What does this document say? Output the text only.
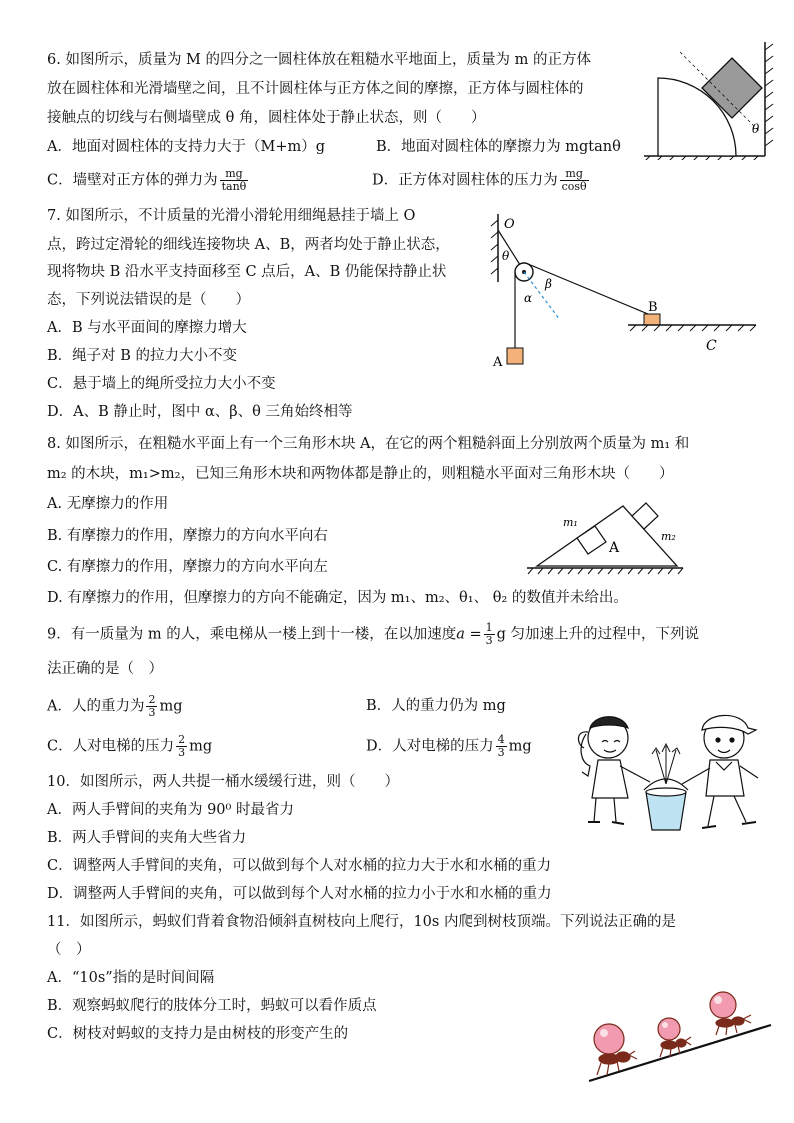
6. 如图所示，质量为 M 的四分之一圆柱体放在粗糙水平地面上，质量为 m 的正方体
放在圆柱体和光滑墙壁之间，且不计圆柱体与正方体之间的摩擦，正方体与圆柱体的
接触点的切线与右侧墙壁成 θ 角，圆柱体处于静止状态，则（　　）
A．地面对圆柱体的支持力大于（M+m）g	B．地面对圆柱体的摩擦力为 mgtanθ
C．墙壁对正方体的弹力为 $\frac{mg}{\tan\theta}$	D．正方体对圆柱体的压力为 $\frac{mg}{\cos\theta}$
θ
7. 如图所示，不计质量的光滑小滑轮用细绳悬挂于墙上 O
点，跨过定滑轮的细线连接物块 A、B，两者均处于静止状态，
现将物块 B 沿水平支持面移至 C 点后，A、B 仍能保持静止状
态，下列说法错误的是（　　）
A．B 与水平面间的摩擦力增大
B．绳子对 B 的拉力大小不变
C．悬于墙上的绳所受拉力大小不变
D．A、B 静止时，图中 α、β、θ 三角始终相等
O
θ
α
β
A
B
C
8. 如图所示，在粗糙水平面上有一个三角形木块 A，在它的两个粗糙斜面上分别放两个质量为 m₁ 和
m₂ 的木块，m₁>m₂，已知三角形木块和两物体都是静止的，则粗糙水平面对三角形木块（　　）
A. 无摩擦力的作用
B. 有摩擦力的作用，摩擦力的方向水平向右
C. 有摩擦力的作用，摩擦力的方向水平向左
D. 有摩擦力的作用，但摩擦力的方向不能确定，因为 m₁、m₂、θ₁、 θ₂ 的数值并未给出。
m₁
m₂
A
9．有一质量为 m 的人，乘电梯从一楼上到十一楼，在以加速度$a = \frac{1}{3}$ g 匀加速上升的过程中，下列说
法正确的是（　）
A．人的重力为 $\frac{2}{3}$ mg	B．人的重力仍为 mg
C．人对电梯的压力 $\frac{2}{3}$ mg	D．人对电梯的压力 $\frac{4}{3}$ mg
10．如图所示，两人共提一桶水缓缓行进，则（　　）
A．两人手臂间的夹角为 90⁰ 时最省力
B．两人手臂间的夹角大些省力
C．调整两人手臂间的夹角，可以做到每个人对水桶的拉力大于水和水桶的重力
D．调整两人手臂间的夹角，可以做到每个人对水桶的拉力小于水和水桶的重力
11．如图所示，蚂蚁们背着食物沿倾斜直树枝向上爬行，10s 内爬到树枝顶端。下列说法正确的是
（　）
A．“10s”指的是时间间隔
B．观察蚂蚁爬行的肢体分工时，蚂蚁可以看作质点
C．树枝对蚂蚁的支持力是由树枝的形变产生的
